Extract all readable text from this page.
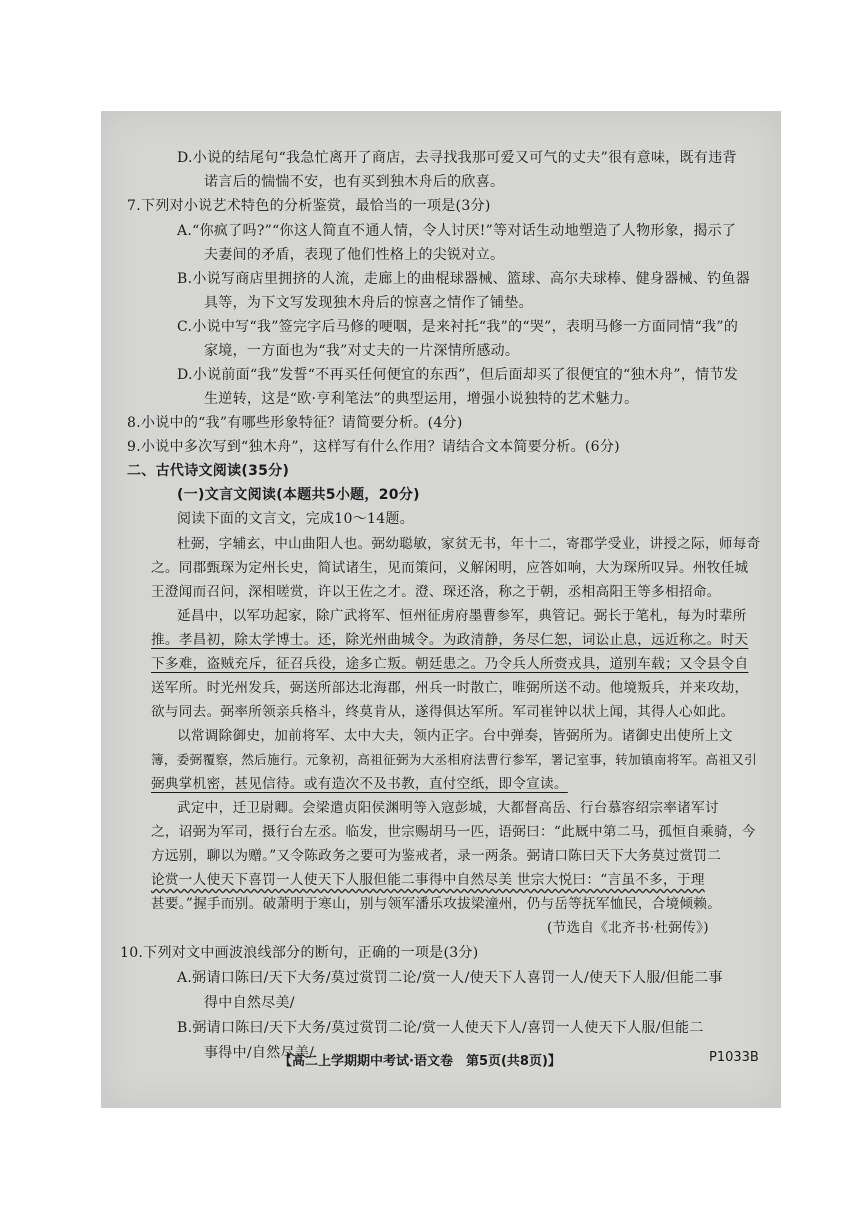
D.小说的结尾句“我急忙离开了商店，去寻找我那可爱又可气的丈夫”很有意味，既有违背
诺言后的惴惴不安，也有买到独木舟后的欣喜。
7.下列对小说艺术特色的分析鉴赏，最恰当的一项是(3分)
A.“你疯了吗?”“你这人简直不通人情，令人讨厌!”等对话生动地塑造了人物形象，揭示了
夫妻间的矛盾，表现了他们性格上的尖锐对立。
B.小说写商店里拥挤的人流，走廊上的曲棍球器械、篮球、高尔夫球棒、健身器械、钓鱼器
具等，为下文写发现独木舟后的惊喜之情作了铺垫。
C.小说中写“我”签完字后马修的哽咽，是来衬托“我”的“哭”，表明马修一方面同情“我”的
家境，一方面也为“我”对丈夫的一片深情所感动。
D.小说前面“我”发誓“不再买任何便宜的东西”，但后面却买了很便宜的“独木舟”，情节发
生逆转，这是“欧·亨利笔法”的典型运用，增强小说独特的艺术魅力。
8.小说中的“我”有哪些形象特征？请简要分析。(4分)
9.小说中多次写到“独木舟”，这样写有什么作用？请结合文本简要分析。(6分)
二、古代诗文阅读(35分)
(一)文言文阅读(本题共5小题，20分)
阅读下面的文言文，完成10～14题。
杜弼，字辅玄，中山曲阳人也。弼幼聪敏，家贫无书，年十二，寄郡学受业，讲授之际，师每奇
之。同郡甄琛为定州长史，简试诸生，见而策问，义解闲明，应答如响，大为琛所叹异。州牧任城
王澄闻而召问，深相嗟赏，许以王佐之才。澄、琛还洛，称之于朝，丞相高阳王等多相招命。
延昌中，以军功起家，除广武将军、恒州征虏府墨曹参军，典管记。弼长于笔札，每为时辈所
推。孝昌初，除太学博士。还，除光州曲城令。为政清静，务尽仁恕，词讼止息，远近称之。时天
下多难，盗贼充斥，征召兵役，途多亡叛。朝廷患之。乃令兵人所赍戎具，道别车载；又令县令自
送军所。时光州发兵，弼送所部达北海郡，州兵一时散亡，唯弼所送不动。他境叛兵，并来攻劫，
欲与同去。弼率所领亲兵格斗，终莫肯从，遂得俱达军所。军司崔钟以状上闻，其得人心如此。
以常调除御史，加前将军、太中大夫，领内正字。台中弹奏，皆弼所为。诸御史出使所上文
簿，委弼覆察，然后施行。元象初，高祖征弼为大丞相府法曹行参军，署记室事，转加镇南将军。高祖又引
弼典掌机密，甚见信待。或有造次不及书教，直付空纸，即令宣读。
武定中，迁卫尉卿。会梁遣贞阳侯渊明等入寇彭城，大都督高岳、行台慕容绍宗率诸军讨
之，诏弼为军司，摄行台左丞。临发，世宗赐胡马一匹，语弼曰：“此厩中第二马，孤恒自乘骑，今
方远别，聊以为赠。”又令陈政务之要可为鉴戒者，录一两条。弼请口陈曰天下大务莫过赏罚二
论赏一人使天下喜罚一人使天下人服但能二事得中自然尽美 世宗大悦曰：“言虽不多，于理
甚要。”握手而别。破萧明于寒山，别与领军潘乐攻拔梁潼州，仍与岳等抚军恤民，合境倾赖。
(节选自《北齐书·杜弼传》)
10.下列对文中画波浪线部分的断句，正确的一项是(3分)
A.弼请口陈曰/天下大务/莫过赏罚二论/赏一人/使天下人喜罚一人/使天下人服/但能二事
得中自然尽美/
B.弼请口陈曰/天下大务/莫过赏罚二论/赏一人使天下人/喜罚一人使天下人服/但能二
事得中/自然尽美/
【高二上学期期中考试·语文卷　第5页(共8页)】	P1033B
